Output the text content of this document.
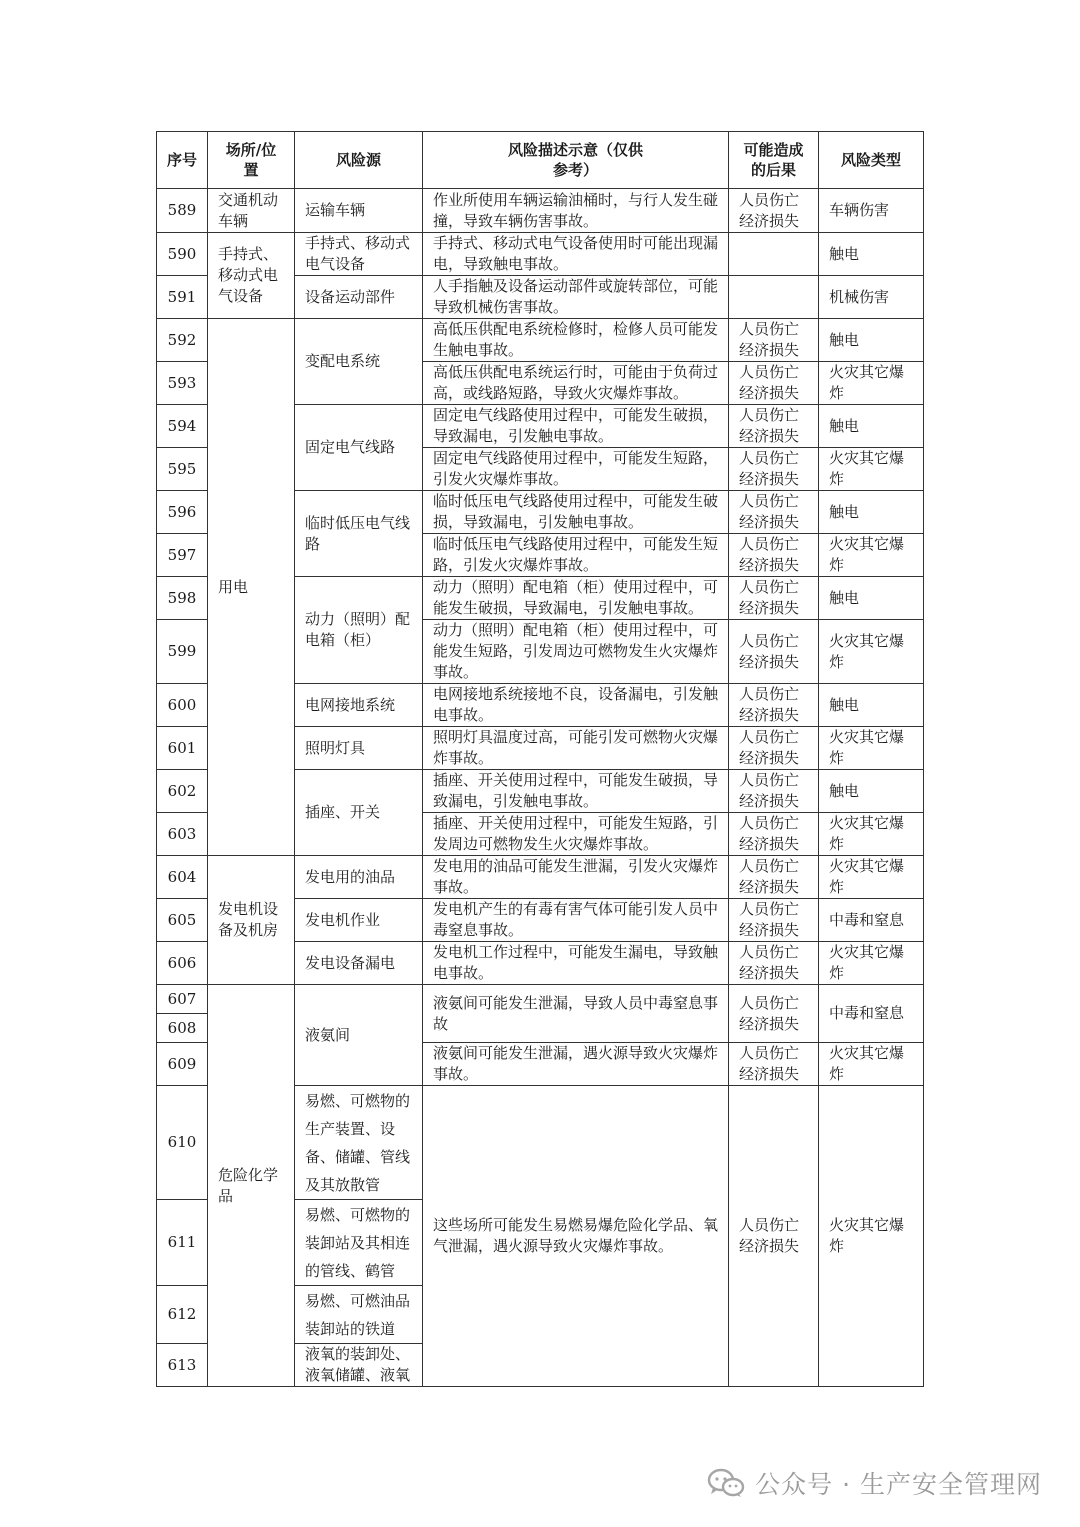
序号	场所/位置	风险源	风险描述示意（仅供参考）	可能造成的后果	风险类型
589	交通机动车辆	运输车辆	作业所使用车辆运输油桶时，与行人发生碰撞，导致车辆伤害事故。	人员伤亡经济损失	车辆伤害
590	手持式、移动式电气设备	手持式、移动式电气设备	手持式、移动式电气设备使用时可能出现漏电，导致触电事故。		触电
591		设备运动部件	人手指触及设备运动部件或旋转部位，可能导致机械伤害事故。		机械伤害
592	用电	变配电系统	高低压供配电系统检修时，检修人员可能发生触电事故。	人员伤亡经济损失	触电
593			高低压供配电系统运行时，可能由于负荷过高，或线路短路，导致火灾爆炸事故。	人员伤亡经济损失	火灾其它爆炸
594		固定电气线路	固定电气线路使用过程中，可能发生破损，导致漏电，引发触电事故。	人员伤亡经济损失	触电
595			固定电气线路使用过程中，可能发生短路，引发火灾爆炸事故。	人员伤亡经济损失	火灾其它爆炸
596		临时低压电气线路	临时低压电气线路使用过程中，可能发生破损，导致漏电，引发触电事故。	人员伤亡经济损失	触电
597			临时低压电气线路使用过程中，可能发生短路，引发火灾爆炸事故。	人员伤亡经济损失	火灾其它爆炸
598		动力（照明）配电箱（柜）	动力（照明）配电箱（柜）使用过程中，可能发生破损，导致漏电，引发触电事故。	人员伤亡经济损失	触电
599			动力（照明）配电箱（柜）使用过程中，可能发生短路，引发周边可燃物发生火灾爆炸事故。	人员伤亡经济损失	火灾其它爆炸
600		电网接地系统	电网接地系统接地不良，设备漏电，引发触电事故。	人员伤亡经济损失	触电
601		照明灯具	照明灯具温度过高，可能引发可燃物火灾爆炸事故。	人员伤亡经济损失	火灾其它爆炸
602		插座、开关	插座、开关使用过程中，可能发生破损，导致漏电，引发触电事故。	人员伤亡经济损失	触电
603			插座、开关使用过程中，可能发生短路，引发周边可燃物发生火灾爆炸事故。	人员伤亡经济损失	火灾其它爆炸
604	发电机设备及机房	发电用的油品	发电用的油品可能发生泄漏，引发火灾爆炸事故。	人员伤亡经济损失	火灾其它爆炸
605		发电机作业	发电机产生的有毒有害气体可能引发人员中毒窒息事故。	人员伤亡经济损失	中毒和窒息
606		发电设备漏电	发电机工作过程中，可能发生漏电，导致触电事故。	人员伤亡经济损失	火灾其它爆炸
607	危险化学品	液氨间	液氨间可能发生泄漏，导致人员中毒窒息事故	人员伤亡经济损失	中毒和窒息
608					
609			液氨间可能发生泄漏，遇火源导致火灾爆炸事故。	人员伤亡经济损失	火灾其它爆炸
610		易燃、可燃物的生产装置、设备、储罐、管线及其放散管	这些场所可能发生易燃易爆危险化学品、氧气泄漏，遇火源导致火灾爆炸事故。	人员伤亡经济损失	火灾其它爆炸
611		易燃、可燃物的装卸站及其相连的管线、鹤管			
612		易燃、可燃油品装卸站的铁道			
613		液氧的装卸处、液氧储罐、液氧			
公众号 · 生产安全管理网
